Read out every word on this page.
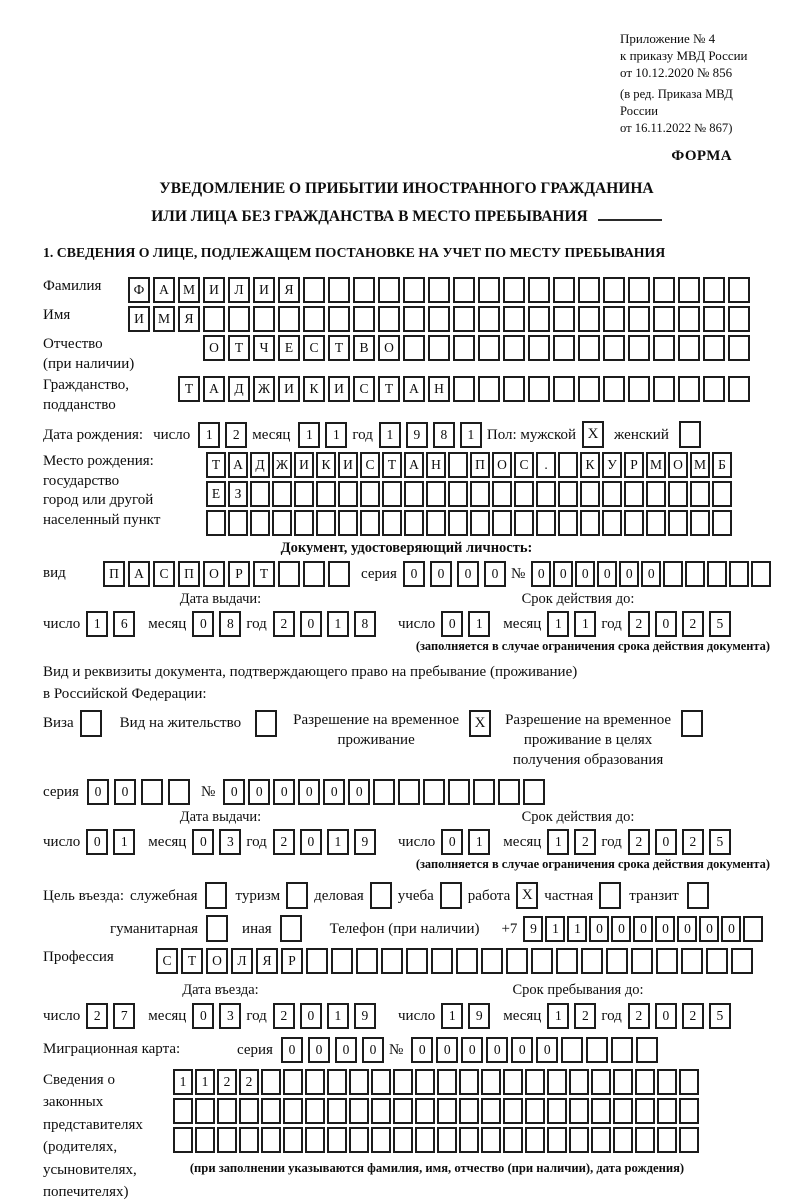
Приложение № 4
к приказу МВД России
от 10.12.2020 № 856
(в ред. Приказа МВД России
от 16.11.2022 № 867)
ФОРМА
УВЕДОМЛЕНИЕ О ПРИБЫТИИ ИНОСТРАННОГО ГРАЖДАНИНА
ИЛИ ЛИЦА БЕЗ ГРАЖДАНСТВА В МЕСТО ПРЕБЫВАНИЯ
1. СВЕДЕНИЯ О ЛИЦЕ, ПОДЛЕЖАЩЕМ ПОСТАНОВКЕ НА УЧЕТ ПО МЕСТУ ПРЕБЫВАНИЯ
Фамилия	Ф	А	М	И	Л	И	Я
Имя	И	М	Я
Отчество
(при наличии)
О	Т	Ч	Е	С	Т	В	О
Гражданство,
подданство
Т	А	Д	Ж	И	К	И	С	Т	А	Н
Дата рождения: число	1	2 месяц	1	1 год	1	9	8	1 Пол: мужской X	женский
Место рождения:
государство
город или другой
населенный пункт
Т А Д Ж И К И С Т А Н	П О С	.	К У Р М О М Б
Е	З
Документ, удостоверяющий личность:
вид	П	А	С	П	О	Р	Т	серия	0	0	0	0 № 0	0	0	0	0	0
Дата выдачи:
число	1	6	месяц	0	8 год	2	0	1	8
Срок действия до:
число	0	1	месяц	1	1 год	2	0	2	5
(заполняется в случае ограничения срока действия документа)
Вид и реквизиты документа, подтверждающего право на пребывание (проживание)
в Российской Федерации:
Виза	Вид на жительство	Разрешение на временное
проживание
X	Разрешение на временное
проживание в целях
получения образования
серия	0	0	№	0	0	0	0	0	0
Дата выдачи:
число	0	1	месяц	0	3 год	2	0	1	9
Срок действия до:
число	0	1	месяц	1	2 год	2	0	2	5
(заполняется в случае ограничения срока действия документа)
Цель въезда: служебная	туризм деловая учеба работа X частная транзит
гуманитарная	иная	Телефон (при наличии) +7 9	1	1	0	0	0	0	0	0	0
Профессия	С	Т	О	Л	Я	Р
Дата въезда:
число	2	7	месяц	0	3 год	2	0	1	9
Срок пребывания до:
число	1	9	месяц	1	2 год	2	0	2	5
Миграционная карта:	серия	0	0	0	0 №	0	0	0	0	0	0
Сведения о
законных
представителях
(родителях,
усыновителях,
попечителях)
1	1	2	2
(при заполнении указываются фамилия, имя, отчество (при наличии), дата рождения)
